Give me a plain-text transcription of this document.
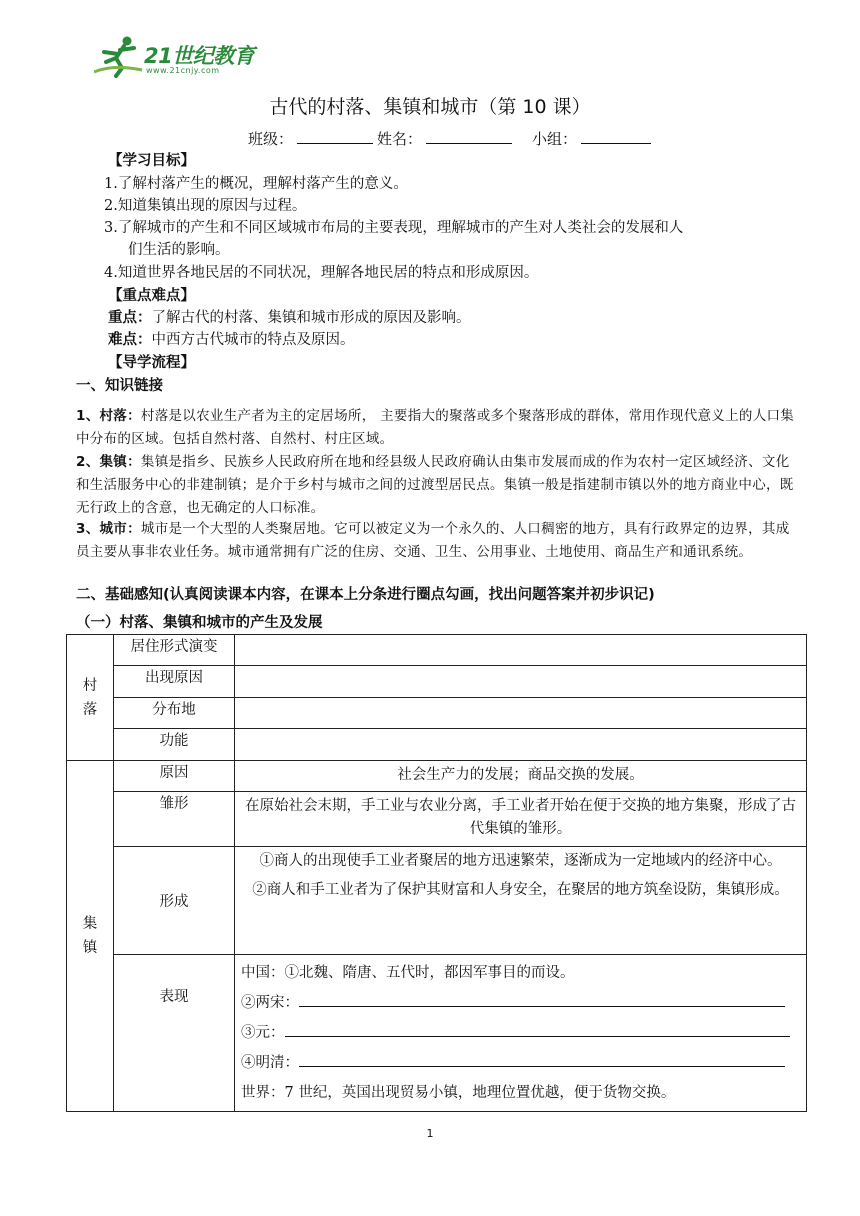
21世纪教育
www.21cnjy.com
古代的村落、集镇和城市（第 10 课）
班级：	姓名：	小组：
【学习目标】
1.了解村落产生的概况，理解村落产生的意义。
2.知道集镇出现的原因与过程。
3.了解城市的产生和不同区域城市布局的主要表现，理解城市的产生对人类社会的发展和人
们生活的影响。
4.知道世界各地民居的不同状况，理解各地民居的特点和形成原因。
【重点难点】
重点：了解古代的村落、集镇和城市形成的原因及影响。
难点：中西方古代城市的特点及原因。
【导学流程】
一、知识链接
1、村落：村落是以农业生产者为主的定居场所， 主要指大的聚落或多个聚落形成的群体，常用作现代意义上的人口集中分布的区域。包括自然村落、自然村、村庄区域。
2、集镇：集镇是指乡、民族乡人民政府所在地和经县级人民政府确认由集市发展而成的作为农村一定区域经济、文化和生活服务中心的非建制镇；是介于乡村与城市之间的过渡型居民点。集镇一般是指建制市镇以外的地方商业中心，既无行政上的含意，也无确定的人口标准。
3、城市：城市是一个大型的人类聚居地。它可以被定义为一个永久的、人口稠密的地方，具有行政界定的边界，其成员主要从事非农业任务。城市通常拥有广泛的住房、交通、卫生、公用事业、土地使用、商品生产和通讯系统。
二、基础感知(认真阅读课本内容，在课本上分条进行圈点勾画，找出问题答案并初步识记)
（一）村落、集镇和城市的产生及发展
村落	居住形式演变	
	出现原因	
	分布地	
	功能	
集镇	原因	社会生产力的发展；商品交换的发展。
	雏形	在原始社会末期，手工业与农业分离，手工业者开始在便于交换的地方集聚，形成了古代集镇的雏形。
	形成	①商人的出现使手工业者聚居的地方迅速繁荣，逐渐成为一定地域内的经济中心。
②商人和手工业者为了保护其财富和人身安全，在聚居的地方筑垒设防，集镇形成。

	表现	中国：①北魏、隋唐、五代时，都因军事目的而设。
②两宋：
③元：
④明清：
世界：7 世纪，英国出现贸易小镇，地理位置优越，便于货物交换。
1
